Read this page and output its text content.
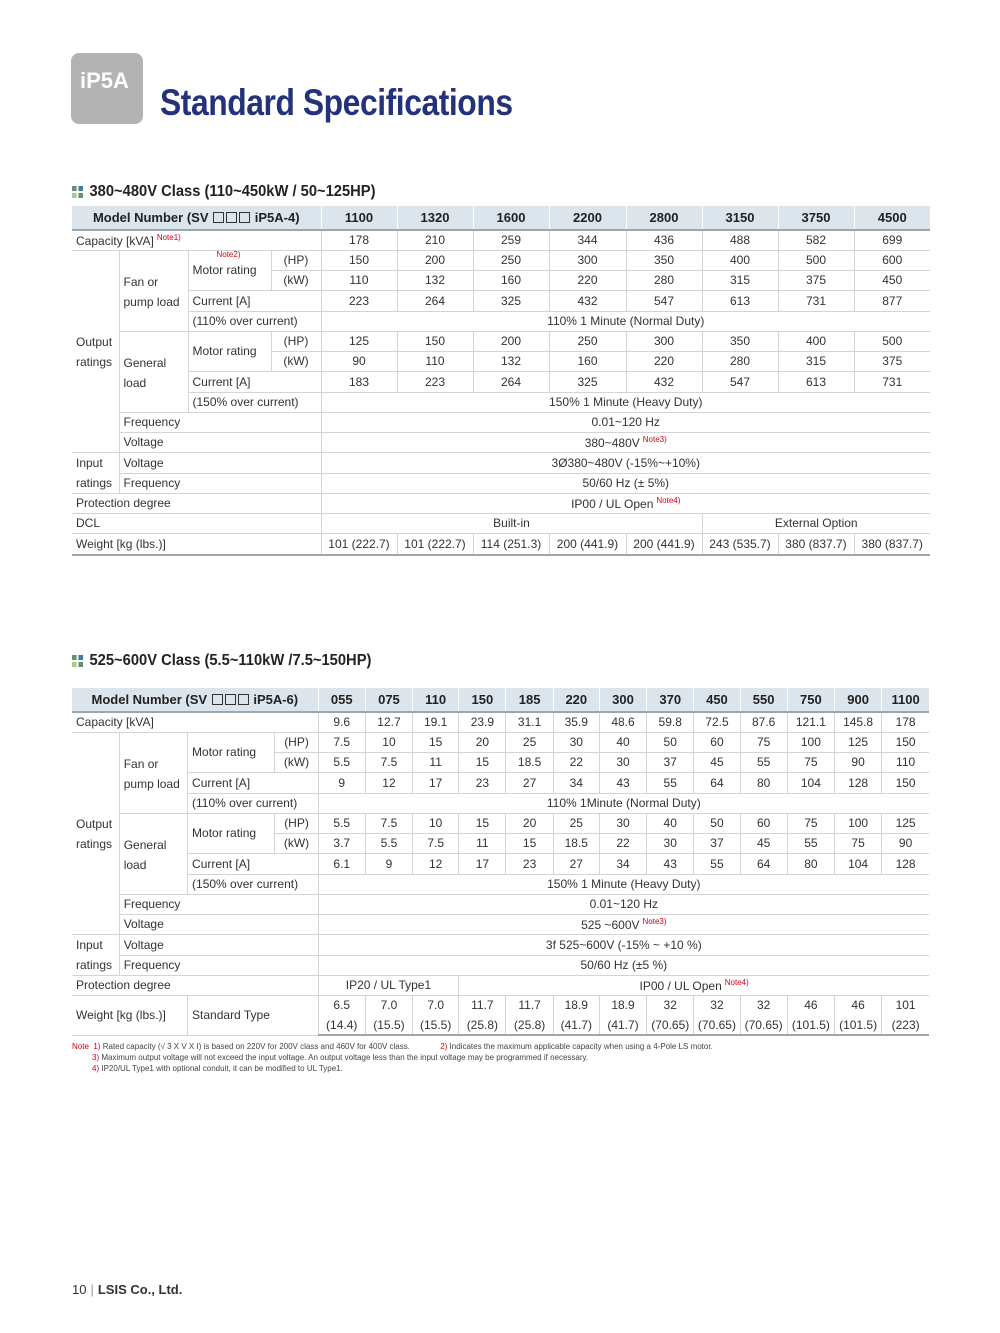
iP5A
Standard Specifications
380~480V Class (110~450kW / 50~125HP)
Model Number (SV iP5A-4)				1100	1320	1600	2200	2800	3150	3750	4500
Capacity [kVA] $^{Note1)}$				178	210	259	344	436	488	582	699
Output
ratings	Fan or
pump load	Note2)
Motor rating	(HP)	150	200	250	300	350	400	500	600
			(kW)	110	132	160	220	280	315	375	450
		Current [A]		223	264	325	432	547	613	731	877
		(110% over current)		110% 1 Minute (Normal Duty)							
	General
load	Motor rating	(HP)	125	150	200	250	300	350	400	500
			(kW)	90	110	132	160	220	280	315	375
		Current [A]		183	223	264	325	432	547	613	731
		(150% over current)		150% 1 Minute (Heavy Duty)							
	Frequency			0.01~120 Hz							
	Voltage			380~480V $^{Note3)}$
Input
ratings	Voltage			3Ø380~480V (-15%~+10%)							
	Frequency			50/60 Hz (± 5%)							
Protection degree				IP00 / UL Open $^{Note4)}$
DCL				Built-in					External Option		
Weight [kg (lbs.)]				101 (222.7)	101 (222.7)	114 (251.3)	200 (441.9)	200 (441.9)	243 (535.7)	380 (837.7)	380 (837.7)
525~600V Class (5.5~110kW /7.5~150HP)
Model Number (SV iP5A-6)				055	075	110	150	185	220	300	370	450	550	750	900	1100
Capacity [kVA]				9.6	12.7	19.1	23.9	31.1	35.9	48.6	59.8	72.5	87.6	121.1	145.8	178
Output
ratings	Fan or
pump load	Motor rating	(HP)	7.5	10	15	20	25	30	40	50	60	75	100	125	150
			(kW)	5.5	7.5	11	15	18.5	22	30	37	45	55	75	90	110
		Current [A]		9	12	17	23	27	34	43	55	64	80	104	128	150
		(110% over current)		110% 1Minute (Normal Duty)												
	General
load	Motor rating	(HP)	5.5	7.5	10	15	20	25	30	40	50	60	75	100	125
			(kW)	3.7	5.5	7.5	11	15	18.5	22	30	37	45	55	75	90
		Current [A]		6.1	9	12	17	23	27	34	43	55	64	80	104	128
		(150% over current)		150% 1 Minute (Heavy Duty)												
	Frequency			0.01~120 Hz												
	Voltage			525 ~600V $^{Note3)}$
Input
ratings	Voltage			3f 525~600V (-15% ~ +10 %)												
	Frequency			50/60 Hz (±5 %)												
Protection degree				IP20 / UL Type1			IP00 / UL Open $^{Note4)}$
Weight [kg (lbs.)]		Standard Type		6.5	7.0	7.0	11.7	11.7	18.9	18.9	32	32	32	46	46	101
				(14.4)	(15.5)	(15.5)	(25.8)	(25.8)	(41.7)	(41.7)	(70.65)	(70.65)	(70.65)	(101.5)	(101.5)	(223)
Note 1) Rated capacity (√ 3 X V X I) is based on 220V for 200V class and 460V for 400V class.	2) Indicates the maximum applicable capacity when using a 4-Pole LS motor.
3) Maximum output voltage will not exceed the input voltage. An output voltage less than the input voltage may be programmed if necessary.
4) IP20/UL Type1 with optional conduit, it can be modified to UL Type1.
10 | LSIS Co., Ltd.
